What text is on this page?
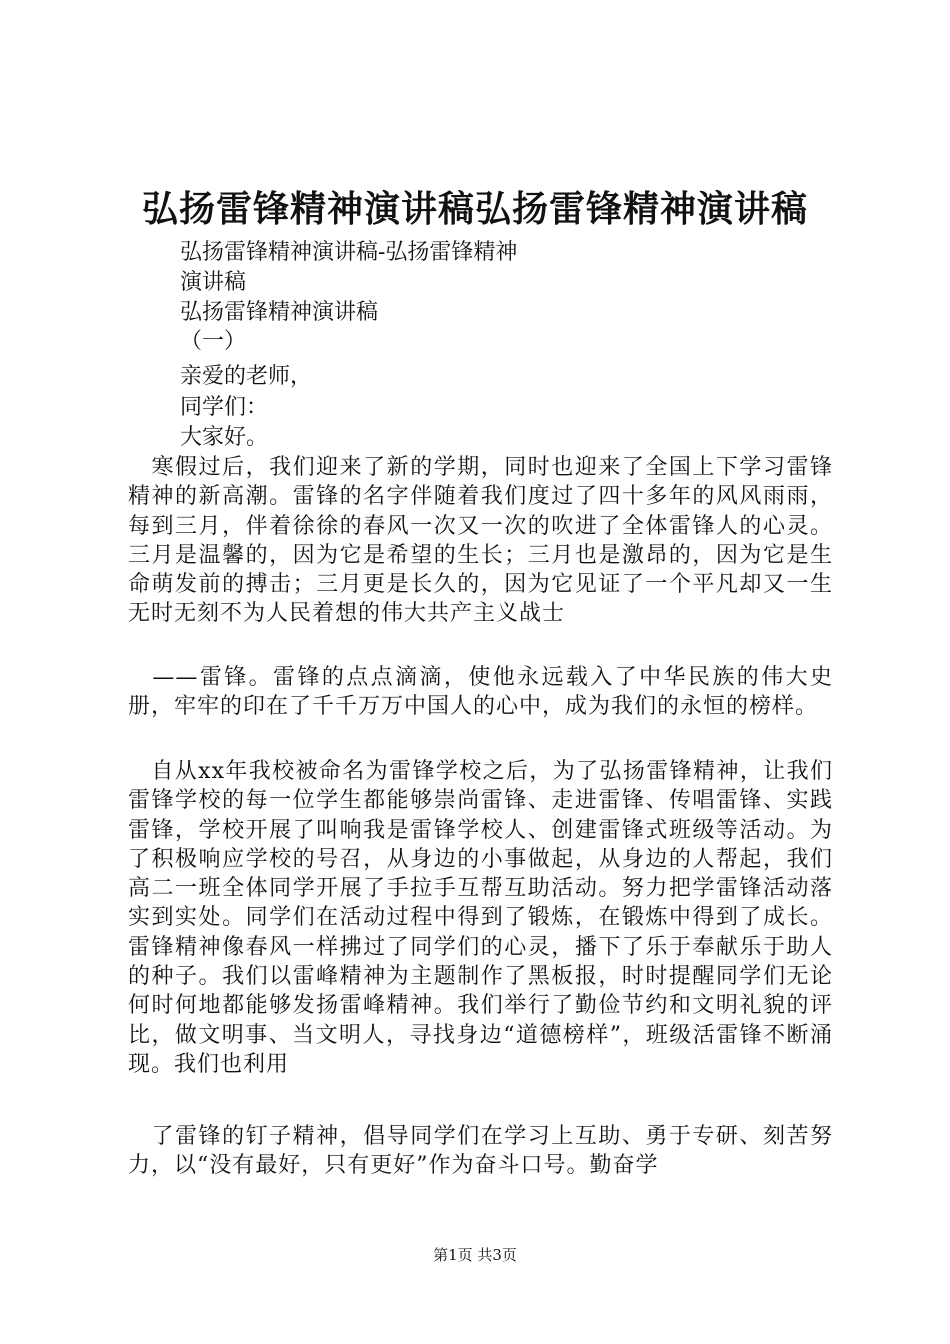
弘扬雷锋精神演讲稿弘扬雷锋精神演讲稿
弘扬雷锋精神演讲稿-弘扬雷锋精神
演讲稿
弘扬雷锋精神演讲稿
（一）
亲爱的老师，
同学们：
大家好。

　寒假过后，我们迎来了新的学期，同时也迎来了全国上下学习雷锋精神的新高潮。雷锋的名字伴随着我们度过了四十多年的风风雨雨，每到三月，伴着徐徐的春风一次又一次的吹进了全体雷锋人的心灵。三月是温馨的，因为它是希望的生长；三月也是激昂的，因为它是生命萌发前的搏击；三月更是长久的，因为它见证了一个平凡却又一生无时无刻不为人民着想的伟大共产主义战士

　——雷锋。雷锋的点点滴滴，使他永远载入了中华民族的伟大史册，牢牢的印在了千千万万中国人的心中，成为我们的永恒的榜样。

　自从xx年我校被命名为雷锋学校之后，为了弘扬雷锋精神，让我们雷锋学校的每一位学生都能够崇尚雷锋、走进雷锋、传唱雷锋、实践雷锋，学校开展了叫响我是雷锋学校人、创建雷锋式班级等活动。为了积极响应学校的号召，从身边的小事做起，从身边的人帮起，我们高二一班全体同学开展了手拉手互帮互助活动。努力把学雷锋活动落实到实处。同学们在活动过程中得到了锻炼，在锻炼中得到了成长。雷锋精神像春风一样拂过了同学们的心灵，播下了乐于奉献乐于助人的种子。我们以雷峰精神为主题制作了黑板报，时时提醒同学们无论何时何地都能够发扬雷峰精神。我们举行了勤俭节约和文明礼貌的评比，做文明事、当文明人，寻找身边“道德榜样”，班级活雷锋不断涌现。我们也利用

　了雷锋的钉子精神，倡导同学们在学习上互助、勇于专研、刻苦努力，以“没有最好，只有更好”作为奋斗口号。勤奋学

第1页 共3页
